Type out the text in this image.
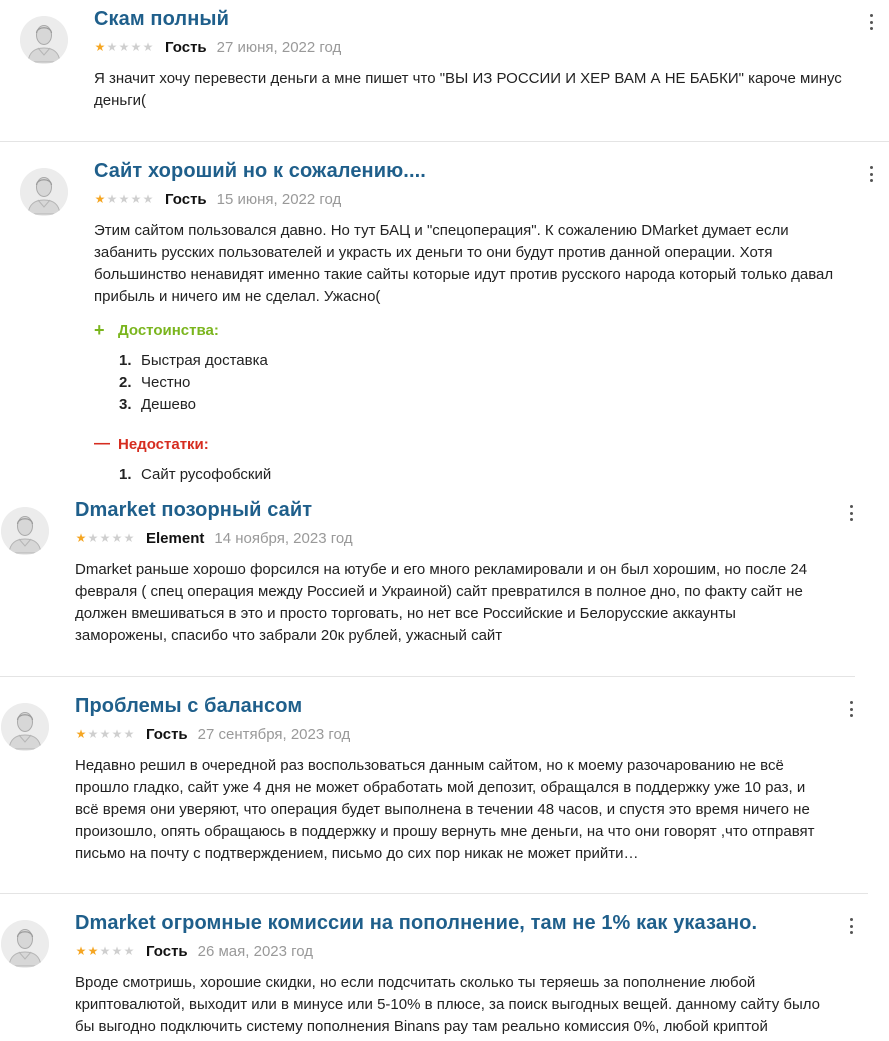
Скам полный
★ ★ ★ ★ ★ Гость 27 июня, 2022 год
Я значит хочу перевести деньги а мне пишет что "ВЫ ИЗ РОССИИ И ХЕР ВАМ А НЕ БАБКИ" кароче минус
деньги(
Сайт хороший но к сожалению....
★ ★ ★ ★ ★ Гость 15 июня, 2022 год
Этим сайтом пользовался давно. Но тут БАЦ и "спецоперация". К сожалению DMarket думает если
забанить русских пользователей и украсть их деньги то они будут против данной операции. Хотя
большинство ненавидят именно такие сайты которые идут против русского народа который только давал
прибыль и ничего им не сделал. Ужасно(
+ Достоинства:
1. Быстрая доставка
2. Честно
3. Дешево
— Недостатки:
1. Сайт русофобский
Dmarket позорный сайт
★ ★ ★ ★ ★ Element 14 ноября, 2023 год
Dmarket раньше хорошо форсился на ютубе и его много рекламировали и он был хорошим, но после 24
февраля ( спец операция между Россией и Украиной) сайт превратился в полное дно, по факту сайт не
должен вмешиваться в это и просто торговать, но нет все Российские и Белорусские аккаунты
заморожены, спасибо что забрали 20к рублей, ужасный сайт
Проблемы с балансом
★ ★ ★ ★ ★ Гость 27 сентября, 2023 год
Недавно решил в очередной раз воспользоваться данным сайтом, но к моему разочарованию не всё
прошло гладко, сайт уже 4 дня не может обработать мой депозит, обращался в поддержку уже 10 раз, и
всё время они уверяют, что операция будет выполнена в течении 48 часов, и спустя это время ничего не
произошло, опять обращаюсь в поддержку и прошу вернуть мне деньги, на что они говорят ,что отправят
письмо на почту с подтверждением, письмо до сих пор никак не может прийти…
Dmarket огромные комиссии на пополнение, там не 1% как указано.
★ ★ ★ ★ ★ Гость 26 мая, 2023 год
Вроде смотришь, хорошие скидки, но если подсчитать сколько ты теряешь за пополнение любой
криптовалютой, выходит или в минусе или 5-10% в плюсе, за поиск выгодных вещей. данному сайту было
бы выгодно подключить систему пополнения Binans pay там реально комиссия 0%, любой криптой
